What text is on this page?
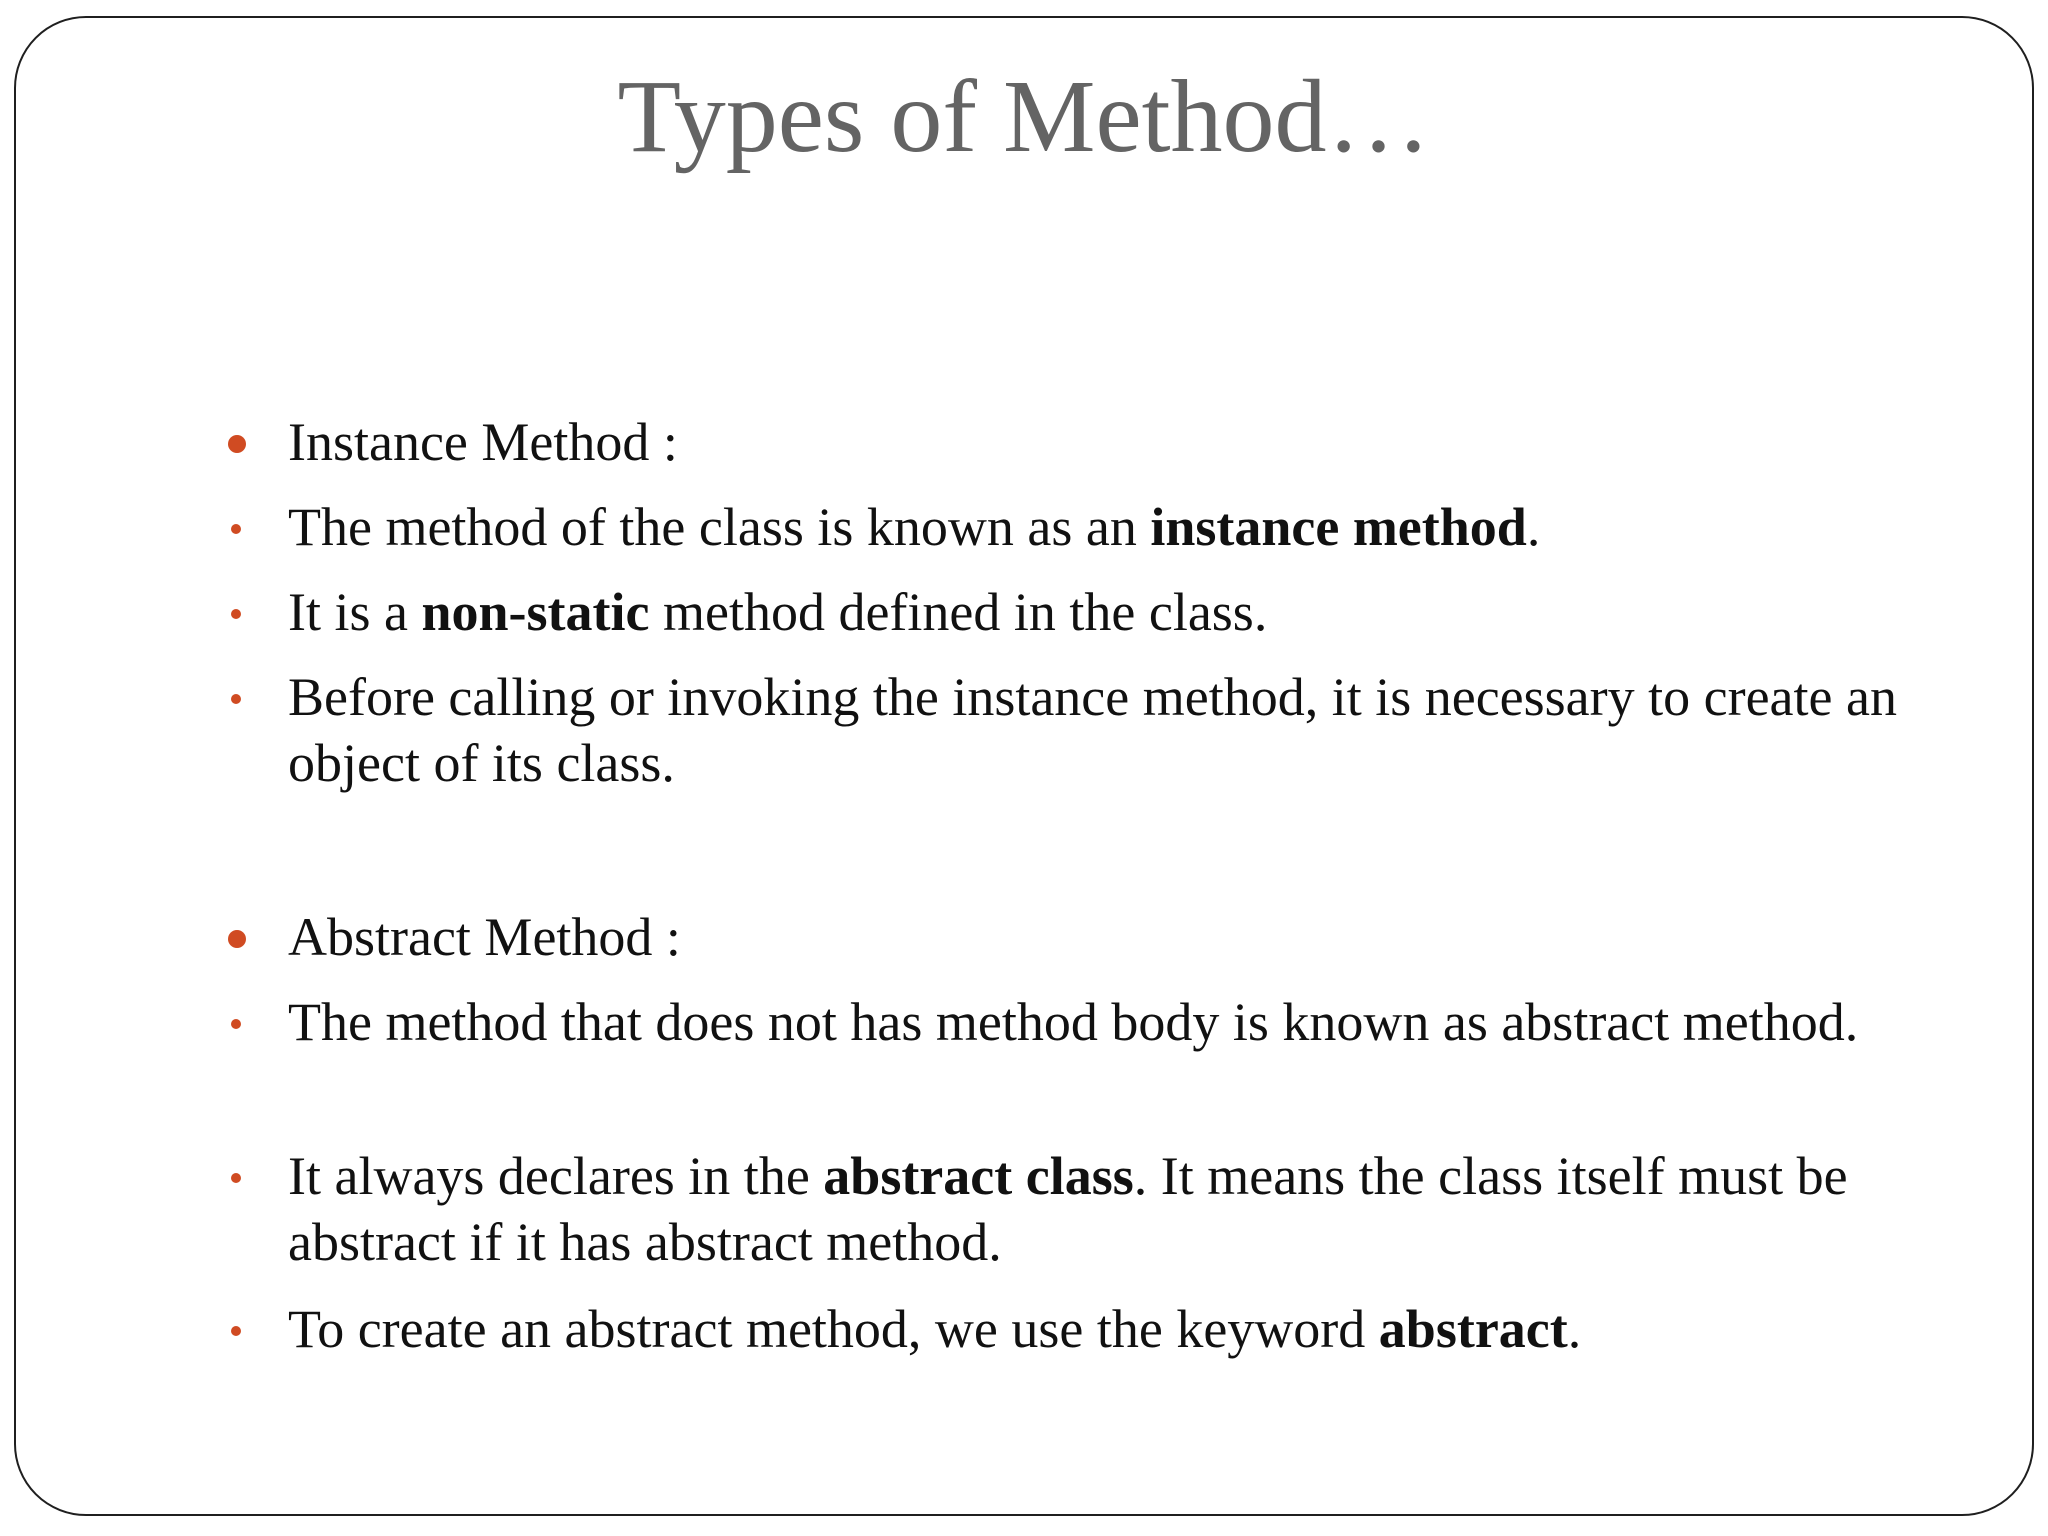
Types of Method…
Instance Method :
The method of the class is known as an instance method.
It is a non-static method defined in the class.
Before calling or invoking the instance method, it is necessary to create an object of its class.
Abstract Method :
The method that does not has method body is known as abstract method.
It always declares in the abstract class. It means the class itself must be abstract if it has abstract method.
To create an abstract method, we use the keyword abstract.
